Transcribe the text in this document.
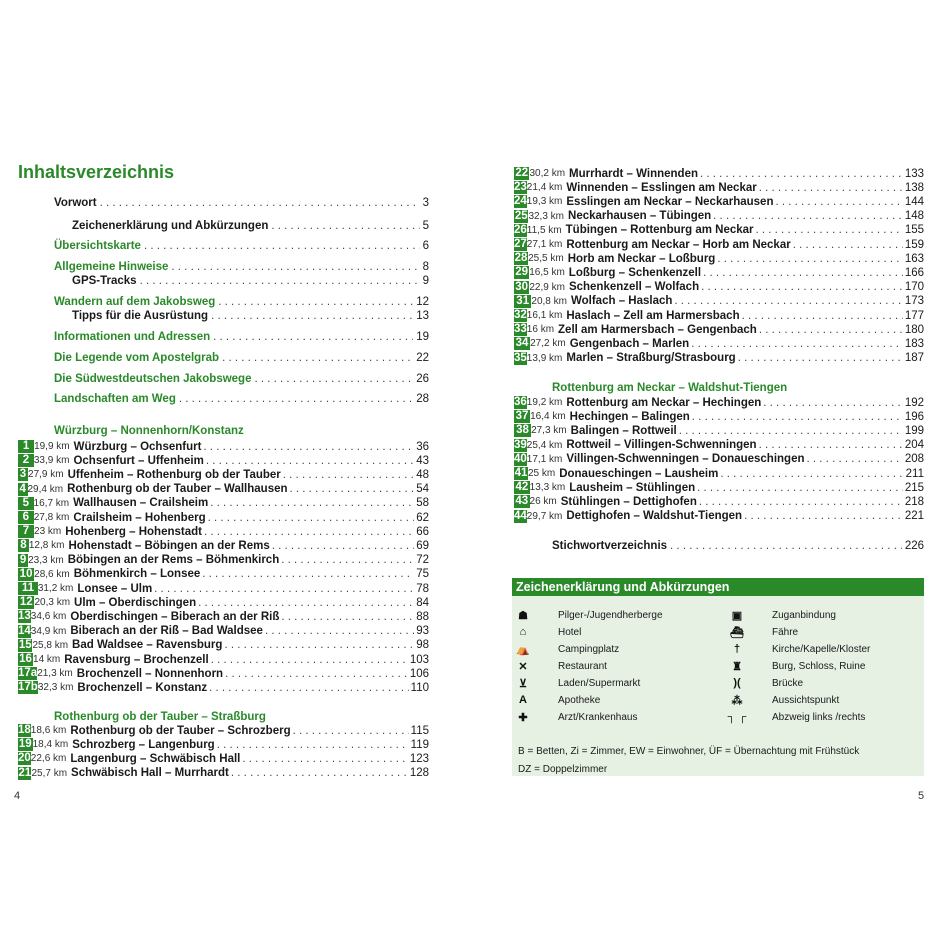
Inhaltsverzeichnis
Vorwort . . .	3
Zeichenerklärung und Abkürzungen . . .	5
Übersichtskarte . . .	6
Allgemeine Hinweise . . .	8
GPS-Tracks . . .	9
Wandern auf dem Jakobsweg . . .	12
Tipps für die Ausrüstung . . .	13
Informationen und Adressen . . .	19
Die Legende vom Apostelgrab . . .	22
Die Südwestdeutschen Jakobswege . . .	26
Landschaften am Weg . . .	28
Würzburg – Nonnenhorn/Konstanz
1 19,9 km Würzburg – Ochsenfurt . . .	36
2 33,9 km Ochsenfurt – Uffenheim . . .	43
3 27,9 km Uffenheim – Rothenburg ob der Tauber . . .	48
4 29,4 km Rothenburg ob der Tauber – Wallhausen . . .	54
5 16,7 km Wallhausen – Crailsheim . . .	58
6 27,8 km Crailsheim – Hohenberg . . .	62
7 23 km Hohenberg – Hohenstadt . . .	66
8 12,8 km Hohenstadt – Böbingen an der Rems . . .	69
9 23,3 km Böbingen an der Rems – Böhmenkirch . . .	72
10 28,6 km Böhmenkirch – Lonsee . . .	75
11 31,2 km Lonsee – Ulm . . .	78
12 20,3 km Ulm – Oberdischingen . . .	84
13 34,6 km Oberdischingen – Biberach an der Riß . . .	88
14 34,9 km Biberach an der Riß – Bad Waldsee . . .	93
15 25,8 km Bad Waldsee – Ravensburg . . .	98
16 14 km Ravensburg – Brochenzell . . .	103
17a 21,3 km Brochenzell – Nonnenhorn . . .	106
17b 32,3 km Brochenzell – Konstanz . . .	110
Rothenburg ob der Tauber – Straßburg
18 18,6 km Rothenburg ob der Tauber – Schrozberg . . .	115
19 18,4 km Schrozberg – Langenburg . . .	119
20 22,6 km Langenburg – Schwäbisch Hall . . .	123
21 25,7 km Schwäbisch Hall – Murrhardt . . .	128
4
22 30,2 km Murrhardt – Winnenden . . .	133
23 21,4 km Winnenden – Esslingen am Neckar . . .	138
24 19,3 km Esslingen am Neckar – Neckarhausen . . .	144
25 32,3 km Neckarhausen – Tübingen . . .	148
26 11,5 km Tübingen – Rottenburg am Neckar . . .	155
27 27,1 km Rottenburg am Neckar – Horb am Neckar . . .	159
28 25,5 km Horb am Neckar – Loßburg . . .	163
29 16,5 km Loßburg – Schenkenzell . . .	166
30 22,9 km Schenkenzell – Wolfach . . .	170
31 20,8 km Wolfach – Haslach . . .	173
32 16,1 km Haslach – Zell am Harmersbach . . .	177
33 16 km Zell am Harmersbach – Gengenbach . . .	180
34 27,2 km Gengenbach – Marlen . . .	183
35 13,9 km Marlen – Straßburg/Strasbourg . . .	187
Rottenburg am Neckar – Waldshut-Tiengen
36 19,2 km Rottenburg am Neckar – Hechingen . . .	192
37 16,4 km Hechingen – Balingen . . .	196
38 27,3 km Balingen – Rottweil . . .	199
39 25,4 km Rottweil – Villingen-Schwenningen . . .	204
40 17,1 km Villingen-Schwenningen – Donaueschingen . . .	208
41 25 km Donaueschingen – Lausheim . . .	211
42 13,3 km Lausheim – Stühlingen . . .	215
43 26 km Stühlingen – Dettighofen . . .	218
44 29,7 km Dettighofen – Waldshut-Tiengen . . .	221
Stichwortverzeichnis . . .	226
Zeichenerklärung und Abkürzungen
☗	Pilger-/Jugendherberge
⌂	Hotel
⛺	Campingplatz
✕	Restaurant
⊻	Laden/Supermarkt
A	Apotheke
✚	Arzt/Krankenhaus
▣	Zuganbindung
⛴	Fähre
†	Kirche/Kapelle/Kloster
♜	Burg, Schloss, Ruine
)(	Brücke
⁂	Aussichtspunkt
┐ ┌	Abzweig links /rechts
B = Betten, Zi = Zimmer, EW = Einwohner, ÜF = Übernachtung mit Frühstück
DZ = Doppelzimmer
5
